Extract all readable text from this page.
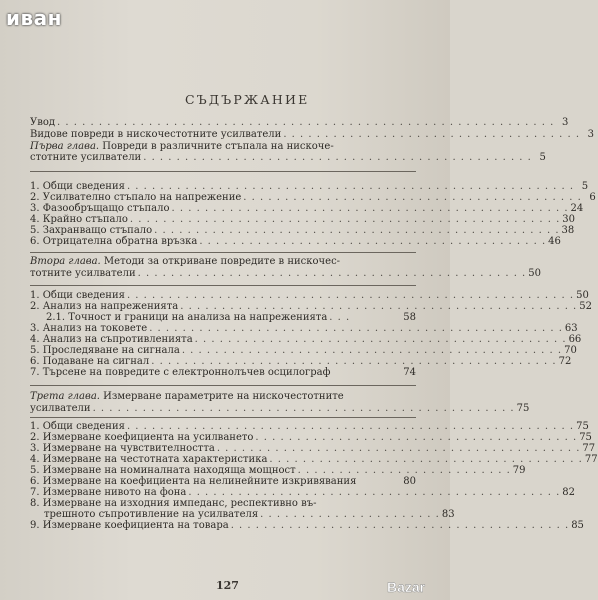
иван
СЪДЪРЖАНИЕ
Увод . . . . . . . . . . . . . . . . . . . . . . . . . . . . . . . . . . . . . . . . . . . . . . . . . . . . . . . . . . . . 3
Видове повреди в нискочестотните усилватели . . . . . . . . . . . . . . . . . . . . . . . . . . . . . . . . . . . . 3
Първа глава. Повреди в различните стъпала на нискоче-
стотните усилватели . . . . . . . . . . . . . . . . . . . . . . . . . . . . . . . . . . . . . . . . . . . . . . . 5
1. Общи сведения . . . . . . . . . . . . . . . . . . . . . . . . . . . . . . . . . . . . . . . . . . . . . . . . . . . . . . 5
2. Усилвателно стъпало на напрежение . . . . . . . . . . . . . . . . . . . . . . . . . . . . . . . . . . . . . . . . . 6
3. Фазообръщащо стъпало . . . . . . . . . . . . . . . . . . . . . . . . . . . . . . . . . . . . . . . . . . . . . . . . 24
4. Крайно стъпало . . . . . . . . . . . . . . . . . . . . . . . . . . . . . . . . . . . . . . . . . . . . . . . . . . . . 30
5. Захранващо стъпало . . . . . . . . . . . . . . . . . . . . . . . . . . . . . . . . . . . . . . . . . . . . . . . . . 38
6. Отрицателна обратна връзка . . . . . . . . . . . . . . . . . . . . . . . . . . . . . . . . . . . . . . . . . . 46
Втора глава. Методи за откриване повредите в нискочес-
тотните усилватели . . . . . . . . . . . . . . . . . . . . . . . . . . . . . . . . . . . . . . . . . . . . . . . 50
1. Общи сведения . . . . . . . . . . . . . . . . . . . . . . . . . . . . . . . . . . . . . . . . . . . . . . . . . . . . . . 50
2. Анализ на напреженията . . . . . . . . . . . . . . . . . . . . . . . . . . . . . . . . . . . . . . . . . . . . . . . . 52
2.1. Точност и граници на анализа на напреженията . . .	58
3. Анализ на токовете . . . . . . . . . . . . . . . . . . . . . . . . . . . . . . . . . . . . . . . . . . . . . . . . . . 63
4. Анализ на съпротивленията . . . . . . . . . . . . . . . . . . . . . . . . . . . . . . . . . . . . . . . . . . . . . 66
5. Проследяване на сигнала . . . . . . . . . . . . . . . . . . . . . . . . . . . . . . . . . . . . . . . . . . . . . . 70
6. Подаване на сигнал . . . . . . . . . . . . . . . . . . . . . . . . . . . . . . . . . . . . . . . . . . . . . . . . . 72
7. Търсене на повредите с електроннолъчев осцилограф	74
Трета глава. Измерване параметрите на нискочестотните
усилватели . . . . . . . . . . . . . . . . . . . . . . . . . . . . . . . . . . . . . . . . . . . . . . . . . . . 75
1. Общи сведения . . . . . . . . . . . . . . . . . . . . . . . . . . . . . . . . . . . . . . . . . . . . . . . . . . . . . . 75
2. Измерване коефициента на усилването . . . . . . . . . . . . . . . . . . . . . . . . . . . . . . . . . . . . . . . 75
3. Измерване на чувствителността . . . . . . . . . . . . . . . . . . . . . . . . . . . . . . . . . . . . . . . . . . . . 77
4. Измерване на честотната характеристика . . . . . . . . . . . . . . . . . . . . . . . . . . . . . . . . . . . . . . 77
5. Измерване на номиналната находяща мощност . . . . . . . . . . . . . . . . . . . . . . . . . . 79
6. Измерване на коефициента на нелинейните изкривявания	80
7. Измерване нивото на фона . . . . . . . . . . . . . . . . . . . . . . . . . . . . . . . . . . . . . . . . . . . . . 82
8. Измерване на изходния импеданс, респективно въ-
трешното съпротивление на усилвателя . . . . . . . . . . . . . . . . . . . . . . 83
9. Измерване коефициента на товара . . . . . . . . . . . . . . . . . . . . . . . . . . . . . . . . . . . . . . . . . 85
127	Bazar
